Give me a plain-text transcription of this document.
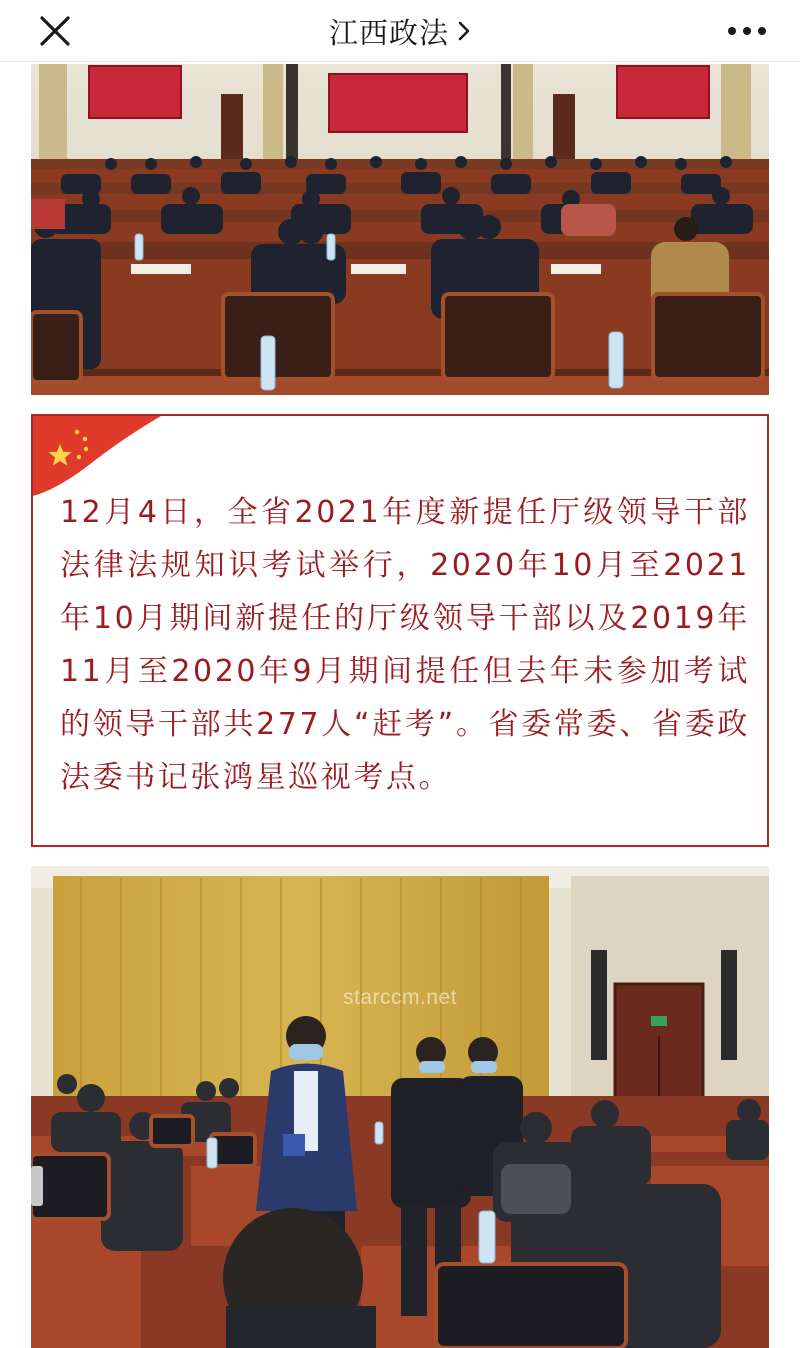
江西政法

12月4日，全省2021年度新提任厅级领导干部法律法规知识考试举行，2020年10月至2021年10月期间新提任的厅级领导干部以及2019年11月至2020年9月期间提任但去年未参加考试的领导干部共277人“赶考”。省委常委、省委政法委书记张鸿星巡视考点。

starccm.net
